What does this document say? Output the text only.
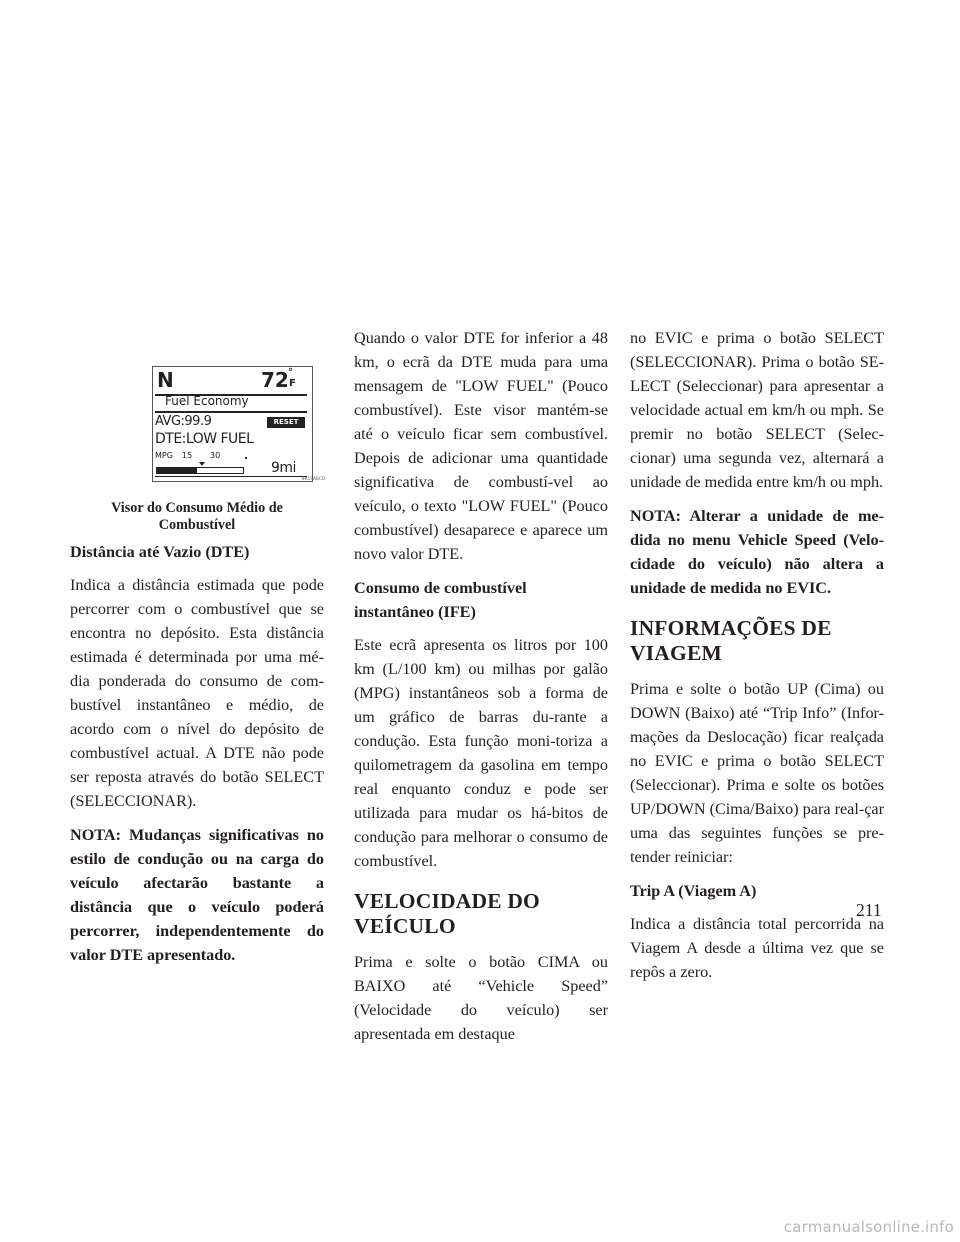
N	72 °
F
Fuel Economy
AVG:99.9	RESET
DTE:LOW FUEL
MPG 15 30
9mi
8K19ABCD
Visor do Consumo Médio de
Combustível
Distância até Vazio (DTE)

Indica a distância estimada que pode percorrer com o combustível que se encontra no depósito. Esta distância estimada é determinada por uma mé-dia ponderada do consumo de com-bustível instantâneo e médio, de acordo com o nível do depósito de combustível actual. A DTE não pode ser reposta através do botão SELECT (SELECCIONAR).

NOTA: Mudanças significativas no estilo de condução ou na carga do veículo afectarão bastante a distância que o veículo poderá percorrer, independentemente do valor DTE apresentado.

Quando o valor DTE for inferior a 48 km, o ecrã da DTE muda para uma mensagem de "LOW FUEL" (Pouco combustível). Este visor mantém-se até o veículo ficar sem combustível. Depois de adicionar uma quantidade significativa de combustí-vel ao veículo, o texto "LOW FUEL" (Pouco combustível) desaparece e aparece um novo valor DTE.

Consumo de combustível
instantâneo (IFE)

Este ecrã apresenta os litros por 100 km (L/100 km) ou milhas por galão (MPG) instantâneos sob a forma de um gráfico de barras du-rante a condução. Esta função moni-toriza a quilometragem da gasolina em tempo real enquanto conduz e pode ser utilizada para mudar os há-bitos de condução para melhorar o consumo de combustível.

VELOCIDADE DO
VEÍCULO

Prima e solte o botão CIMA ou BAIXO até “Vehicle Speed” (Velocidade do veículo) ser apresentada em destaque

no EVIC e prima o botão SELECT (SELECCIONAR). Prima o botão SE-LECT (Seleccionar) para apresentar a velocidade actual em km/h ou mph. Se premir no botão SELECT (Selec-cionar) uma segunda vez, alternará a unidade de medida entre km/h ou mph.

NOTA: Alterar a unidade de me-dida no menu Vehicle Speed (Velo-cidade do veículo) não altera a unidade de medida no EVIC.

INFORMAÇÕES DE
VIAGEM

Prima e solte o botão UP (Cima) ou DOWN (Baixo) até “Trip Info” (Infor-mações da Deslocação) ficar realçada no EVIC e prima o botão SELECT (Seleccionar). Prima e solte os botões UP/DOWN (Cima/Baixo) para real-çar uma das seguintes funções se pre-tender reiniciar:

Trip A (Viagem A)

Indica a distância total percorrida na Viagem A desde a última vez que se repôs a zero.

211
carmanualsonline.info
